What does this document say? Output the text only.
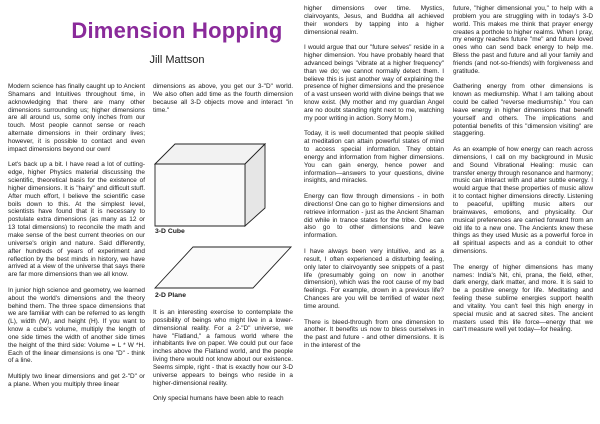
Dimension Hopping
Jill Mattson

Modern science has finally caught up to Ancient Shamans and Intuitives throughout time, in acknowledging that there are many other dimensions surrounding us; higher dimensions are all around us, some only inches from our touch. Most people cannot sense or reach alternate dimensions in their ordinary lives; however, it is possible to contact and even impact dimensions beyond our own!

Let's back up a bit. I have read a lot of cutting-edge, higher Physics material discussing the scientific, theoretical basis for the existence of higher dimensions. It is "hairy" and difficult stuff. After much effort, I believe the scientific case boils down to this. At the simplest level, scientists have found that it is necessary to postulate extra dimensions (as many as 12 or 13 total dimensions) to reconcile the math and make sense of the best current theories on our universe's origin and nature. Said differently, after hundreds of years of experiment and reflection by the best minds in history, we have arrived at a view of the universe that says there are far more dimensions than we all know.

In junior high science and geometry, we learned about the world's dimensions and the theory behind them. The three space dimensions that we are familiar with can be referred to as length (L), width (W), and height (H). If you want to know a cube's volume, multiply the length of one side times the width of another side times the height of the third side: Volume = L * W *H. Each of the linear dimensions is one "D" - think of a line.

Multiply two linear dimensions and get 2-"D" or a plane. When you multiply three linear

dimensions as above, you get our 3-"D" world. We also often add time as the fourth dimension because all 3-D objects move and interact "in time."

3-D Cube
2-D Plane

It is an interesting exercise to contemplate the possibility of beings who might live in a lower-dimensional reality. For a 2-"D" universe, we have "Flatland," a famous world where the inhabitants live on paper. We could put our face inches above the Flatland world, and the people living there would not know about our existence. Seems simple, right - that is exactly how our 3-D universe appears to beings who reside in a higher-dimensional reality.

Only special humans have been able to reach

higher dimensions over time. Mystics, clairvoyants, Jesus, and Buddha all achieved their wonders by tapping into a higher dimensional realm.

I would argue that our "future selves" reside in a higher dimension. You have probably heard that advanced beings "vibrate at a higher frequency" than we do; we cannot normally detect them. I believe this is just another way of explaining the presence of higher dimensions and the presence of a vast unseen world with divine beings that we know exist. (My mother and my guardian Angel are no doubt standing right next to me, watching my poor writing in action. Sorry Mom.)

Today, it is well documented that people skilled at meditation can attain powerful states of mind to access special information. They obtain energy and information from higher dimensions. You can gain energy, hence power and information—answers to your questions, divine insights, and miracles.

Energy can flow through dimensions - in both directions! One can go to higher dimensions and retrieve information - just as the Ancient Shaman did while in trance states for the tribe. One can also go to other dimensions and leave information.

I have always been very intuitive, and as a result, I often experienced a disturbing feeling, only later to clairvoyantly see snippets of a past life (presumably going on now in another dimension), which was the root cause of my bad feelings. For example, drown in a previous life? Chances are you will be terrified of water next time around.

There is bleed-through from one dimension to another. It benefits us now to bless ourselves in the past and future - and other dimensions. It is in the interest of the

future, "higher dimensional you," to help with a problem you are struggling with in today's 3-D world. This makes me think that prayer energy creates a porthole to higher realms. When I pray, my energy reaches future "me" and future loved ones who can send back energy to help me. Bless the past and future and all your family and friends (and not-so-friends) with forgiveness and gratitude.

Gathering energy from other dimensions is known as mediumship. What I am talking about could be called "reverse mediumship." You can leave energy in higher dimensions that benefit yourself and others. The implications and potential benefits of this "dimension visiting" are staggering.

As an example of how energy can reach across dimensions, I call on my background in Music and Sound Vibrational Healing: music can transfer energy through resonance and harmony; music can interact with and alter subtle energy. I would argue that these properties of music allow it to contact higher dimensions directly. Listening to peaceful, uplifting music alters our brainwaves, emotions, and physicality. Our musical preferences are carried forward from an old life to a new one. The Ancients knew these things as they used Music as a powerful force in all spiritual aspects and as a conduit to other dimensions.

The energy of higher dimensions has many names: India's Nit, chi, prana, the field, ether, dark energy, dark matter, and more. It is said to be a positive energy for life. Meditating and feeling these sublime energies support health and vitality. You can't feel this high energy in special music and at sacred sites. The ancient masters used this life force—energy that we can't measure well yet today—for healing.
